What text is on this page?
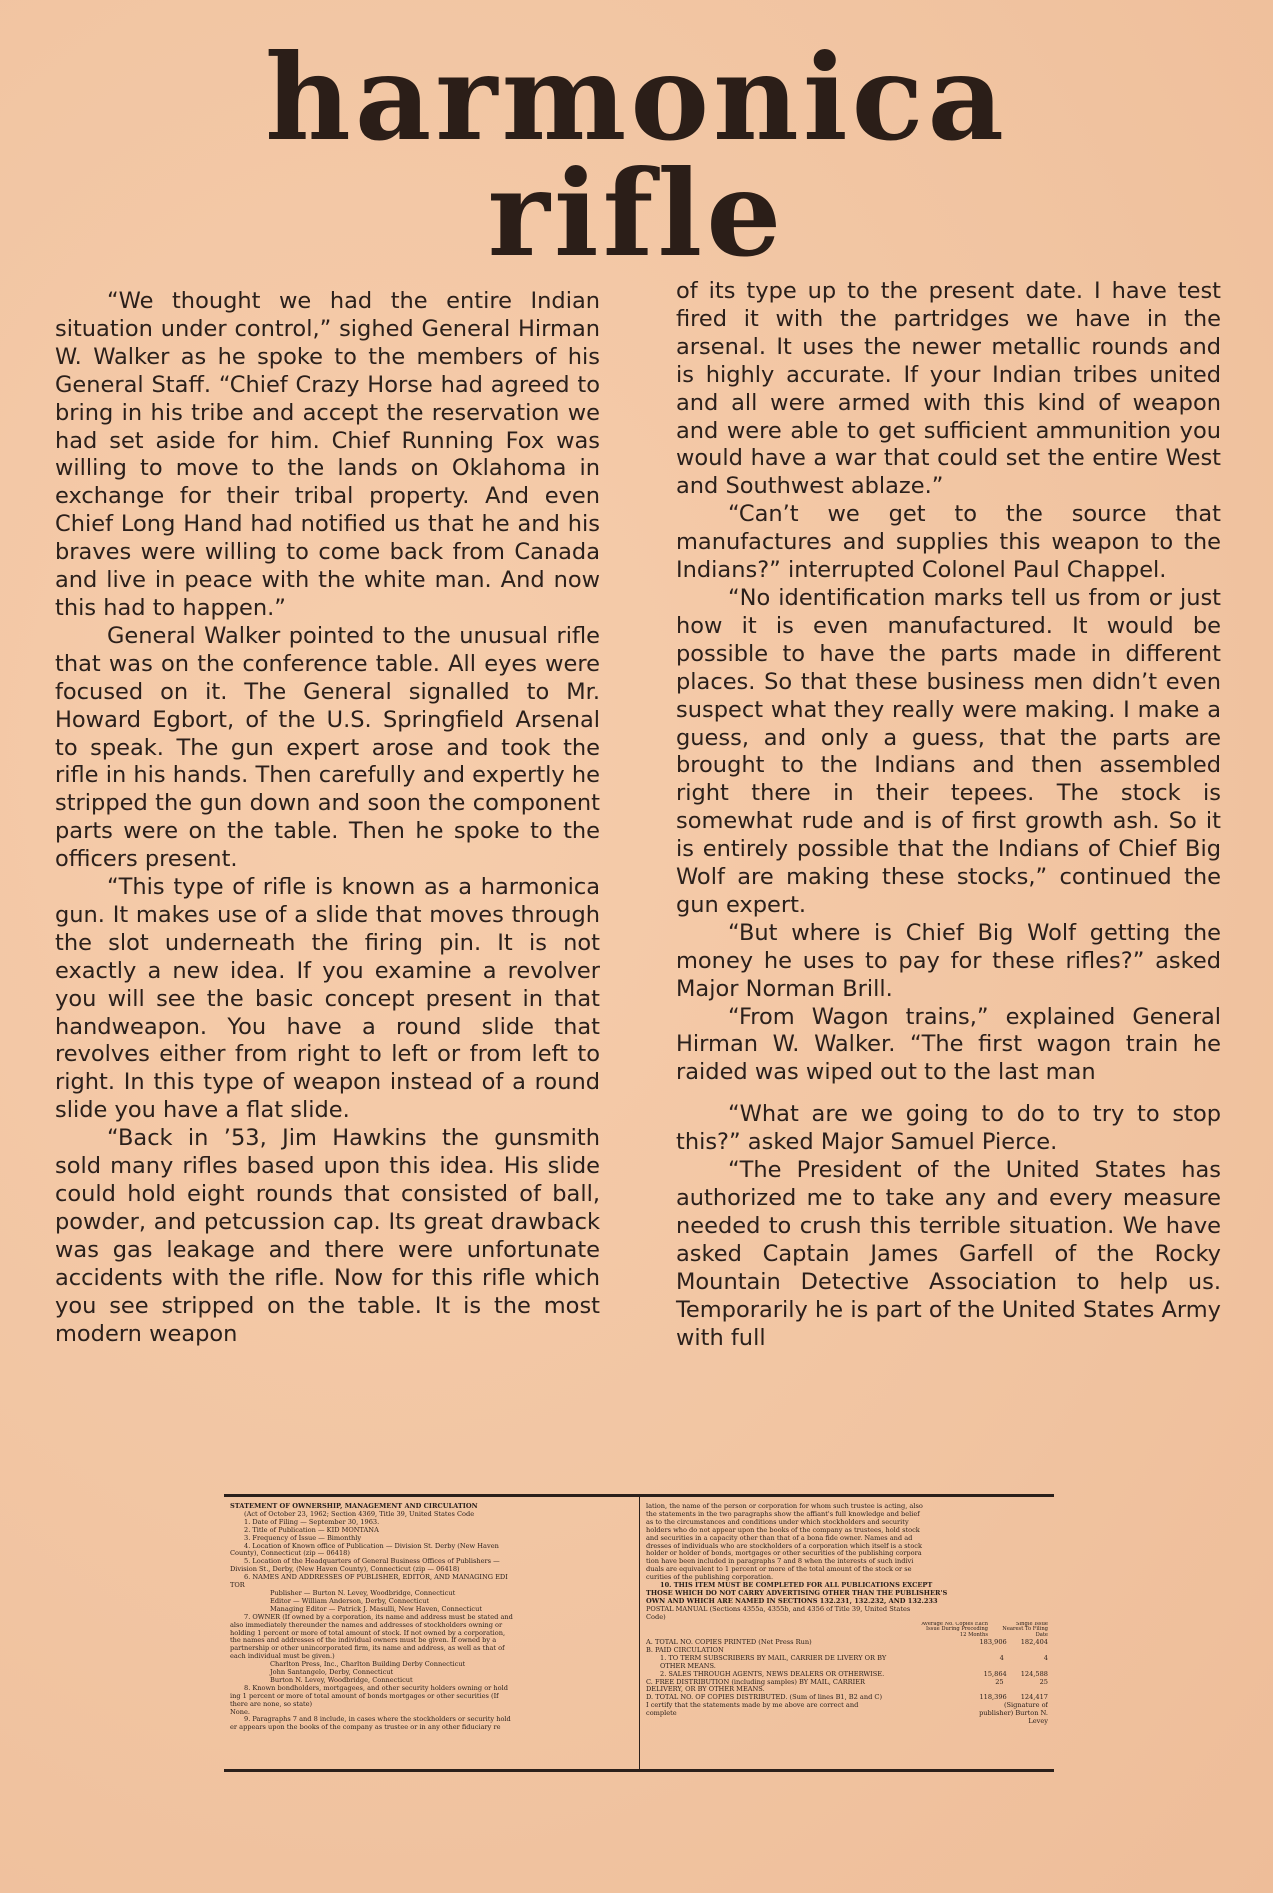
harmonica
rifle

“We thought we had the entire Indian situation under control,” sighed General Hirman W. Walker as he spoke to the members of his General Staff. “Chief Crazy Horse had agreed to bring in his tribe and accept the reservation we had set aside for him. Chief Running Fox was willing to move to the lands on Oklahoma in exchange for their tribal property. And even Chief Long Hand had notified us that he and his braves were willing to come back from Canada and live in peace with the white man. And now this had to happen.”

General Walker pointed to the unusual rifle that was on the conference table. All eyes were focused on it. The General signalled to Mr. Howard Egbort, of the U.S. Springfield Arsenal to speak. The gun expert arose and took the rifle in his hands. Then carefully and expertly he stripped the gun down and soon the component parts were on the table. Then he spoke to the officers present.

“This type of rifle is known as a harmonica gun. It makes use of a slide that moves through the slot underneath the firing pin. It is not exactly a new idea. If you examine a revolver you will see the basic concept present in that handweapon. You have a round slide that revolves either from right to left or from left to right. In this type of weapon instead of a round slide you have a flat slide.

“Back in ’53, Jim Hawkins the gunsmith sold many rifles based upon this idea. His slide could hold eight rounds that consisted of ball, powder, and petcussion cap. Its great drawback was gas leakage and there were unfortunate accidents with the rifle. Now for this rifle which you see stripped on the table. It is the most modern weapon

of its type up to the present date. I have test fired it with the partridges we have in the arsenal. It uses the newer metallic rounds and is highly accurate. If your Indian tribes united and all were armed with this kind of weapon and were able to get sufficient ammunition you would have a war that could set the entire West and Southwest ablaze.”

“Can’t we get to the source that manufactures and supplies this weapon to the Indians?” interrupted Colonel Paul Chappel.

“No identification marks tell us from or just how it is even manufactured. It would be possible to have the parts made in different places. So that these business men didn’t even suspect what they really were making. I make a guess, and only a guess, that the parts are brought to the Indians and then assembled right there in their tepees. The stock is somewhat rude and is of first growth ash. So it is entirely possible that the Indians of Chief Big Wolf are making these stocks,” continued the gun expert.

“But where is Chief Big Wolf getting the money he uses to pay for these rifles?” asked Major Norman Brill.

“From Wagon trains,” explained General Hirman W. Walker. “The first wagon train he raided was wiped out to the last man

“What are we going to do to try to stop this?” asked Major Samuel Pierce.

“The President of the United States has authorized me to take any and every measure needed to crush this terrible situation. We have asked Captain James Garfell of the Rocky Mountain Detective Association to help us. Temporarily he is part of the United States Army with full

STATEMENT OF OWNERSHIP, MANAGEMENT AND CIRCULATION
(Act of October 23, 1962; Section 4369, Title 39, United States Code
1. Date of Filing — September 30, 1963.
2. Title of Publication — KID MONTANA
3. Frequency of Issue — Bimonthly
4. Location of Known office of Publication — Division St. Derby (New Haven
County), Connecticut (zip — 06418)
5. Location of the Headquarters of General Business Offices of Publishers —
Division St., Derby, (New Haven County), Connecticut (zip — 06418)
6. NAMES AND ADDRESSES OF PUBLISHER, EDITOR, AND MANAGING EDI
TOR
Publisher — Burton N. Levey, Woodbridge, Connecticut
Editor — William Anderson, Derby, Connecticut
Managing Editor — Patrick J. Masulli, New Haven, Connecticut
7. OWNER (If owned by a corporation, its name and address must be stated and
also immediately thereunder the names and addresses of stockholders owning or
holding 1 percent or more of total amount of stock. If not owned by a corporation,
the names and addresses of the individual owners must be given. If owned by a
partnership or other unincorporated firm, its name and address, as well as that of
each individual must be given.)
Charlton Press, Inc., Charlton Building Derby Connecticut
John Santangelo, Derby, Connecticut
Burton N. Levey, Woodbridge, Connecticut
8. Known bondholders, mortgagees, and other security holders owning or hold
ing 1 percent or more of total amount of bonds mortgages or other securities (If
there are none, so state)
None.
9. Paragraphs 7 and 8 include, in cases where the stockholders or security hold
er appears upon the books of the company as trustee or in any other fiduciary re
lation, the name of the person or corporation for whom such trustee is acting, also
the statements in the two paragraphs show the affiant's full knowledge and belief
as to the circumstances and conditions under which stockholders and security
holders who do not appear upon the books of the company as trustees, hold stock
and securities in a capacity other than that of a bona fide owner. Names and ad
dresses of individuals who are stockholders of a corporation which itself is a stock
holder or holder of bonds, mortgages or other securities of the publishing corpora
tion have been included in paragraphs 7 and 8 when the interests of such indivi
duals are equivalent to 1 percent or more of the total amount of the stock or se
curities of the publishing corporation.
10. THIS ITEM MUST BE COMPLETED FOR ALL PUBLICATIONS EXCEPT
THOSE WHICH DO NOT CARRY ADVERTISING OTHER THAN THE PUBLISHER'S
OWN AND WHICH ARE NAMED IN SECTIONS 132.231, 132.232, AND 132.233
POSTAL MANUAL (Sections 4355a, 4355b, and 4356 of Title 39, United States
Code)
Average No. Copies Each Issue During Preceding 12 Months
Single Issue Nearest To Filing Date
A. TOTAL NO. COPIES PRINTED (Net Press Run)	183,906 182,404
B. PAID CIRCULATION
1. TO TERM SUBSCRIBERS BY MAIL, CARRIER DE LIVERY OR BY OTHER MEANS.
4	4
2. SALES THROUGH AGENTS, NEWS DEALERS OR OTHERWISE.	15,864 124,588
C. FREE DISTRIBUTION (including samples) BY MAIL, CARRIER DELIVERY, OR BY OTHER MEANS.
25	25
D. TOTAL NO. OF COPIES DISTRIBUTED. (Sum of lines B1, B2 and C)	118,396 124,417
I certify that the statements made by me above are correct and complete
(Signature of publisher) Burton N. Levey
